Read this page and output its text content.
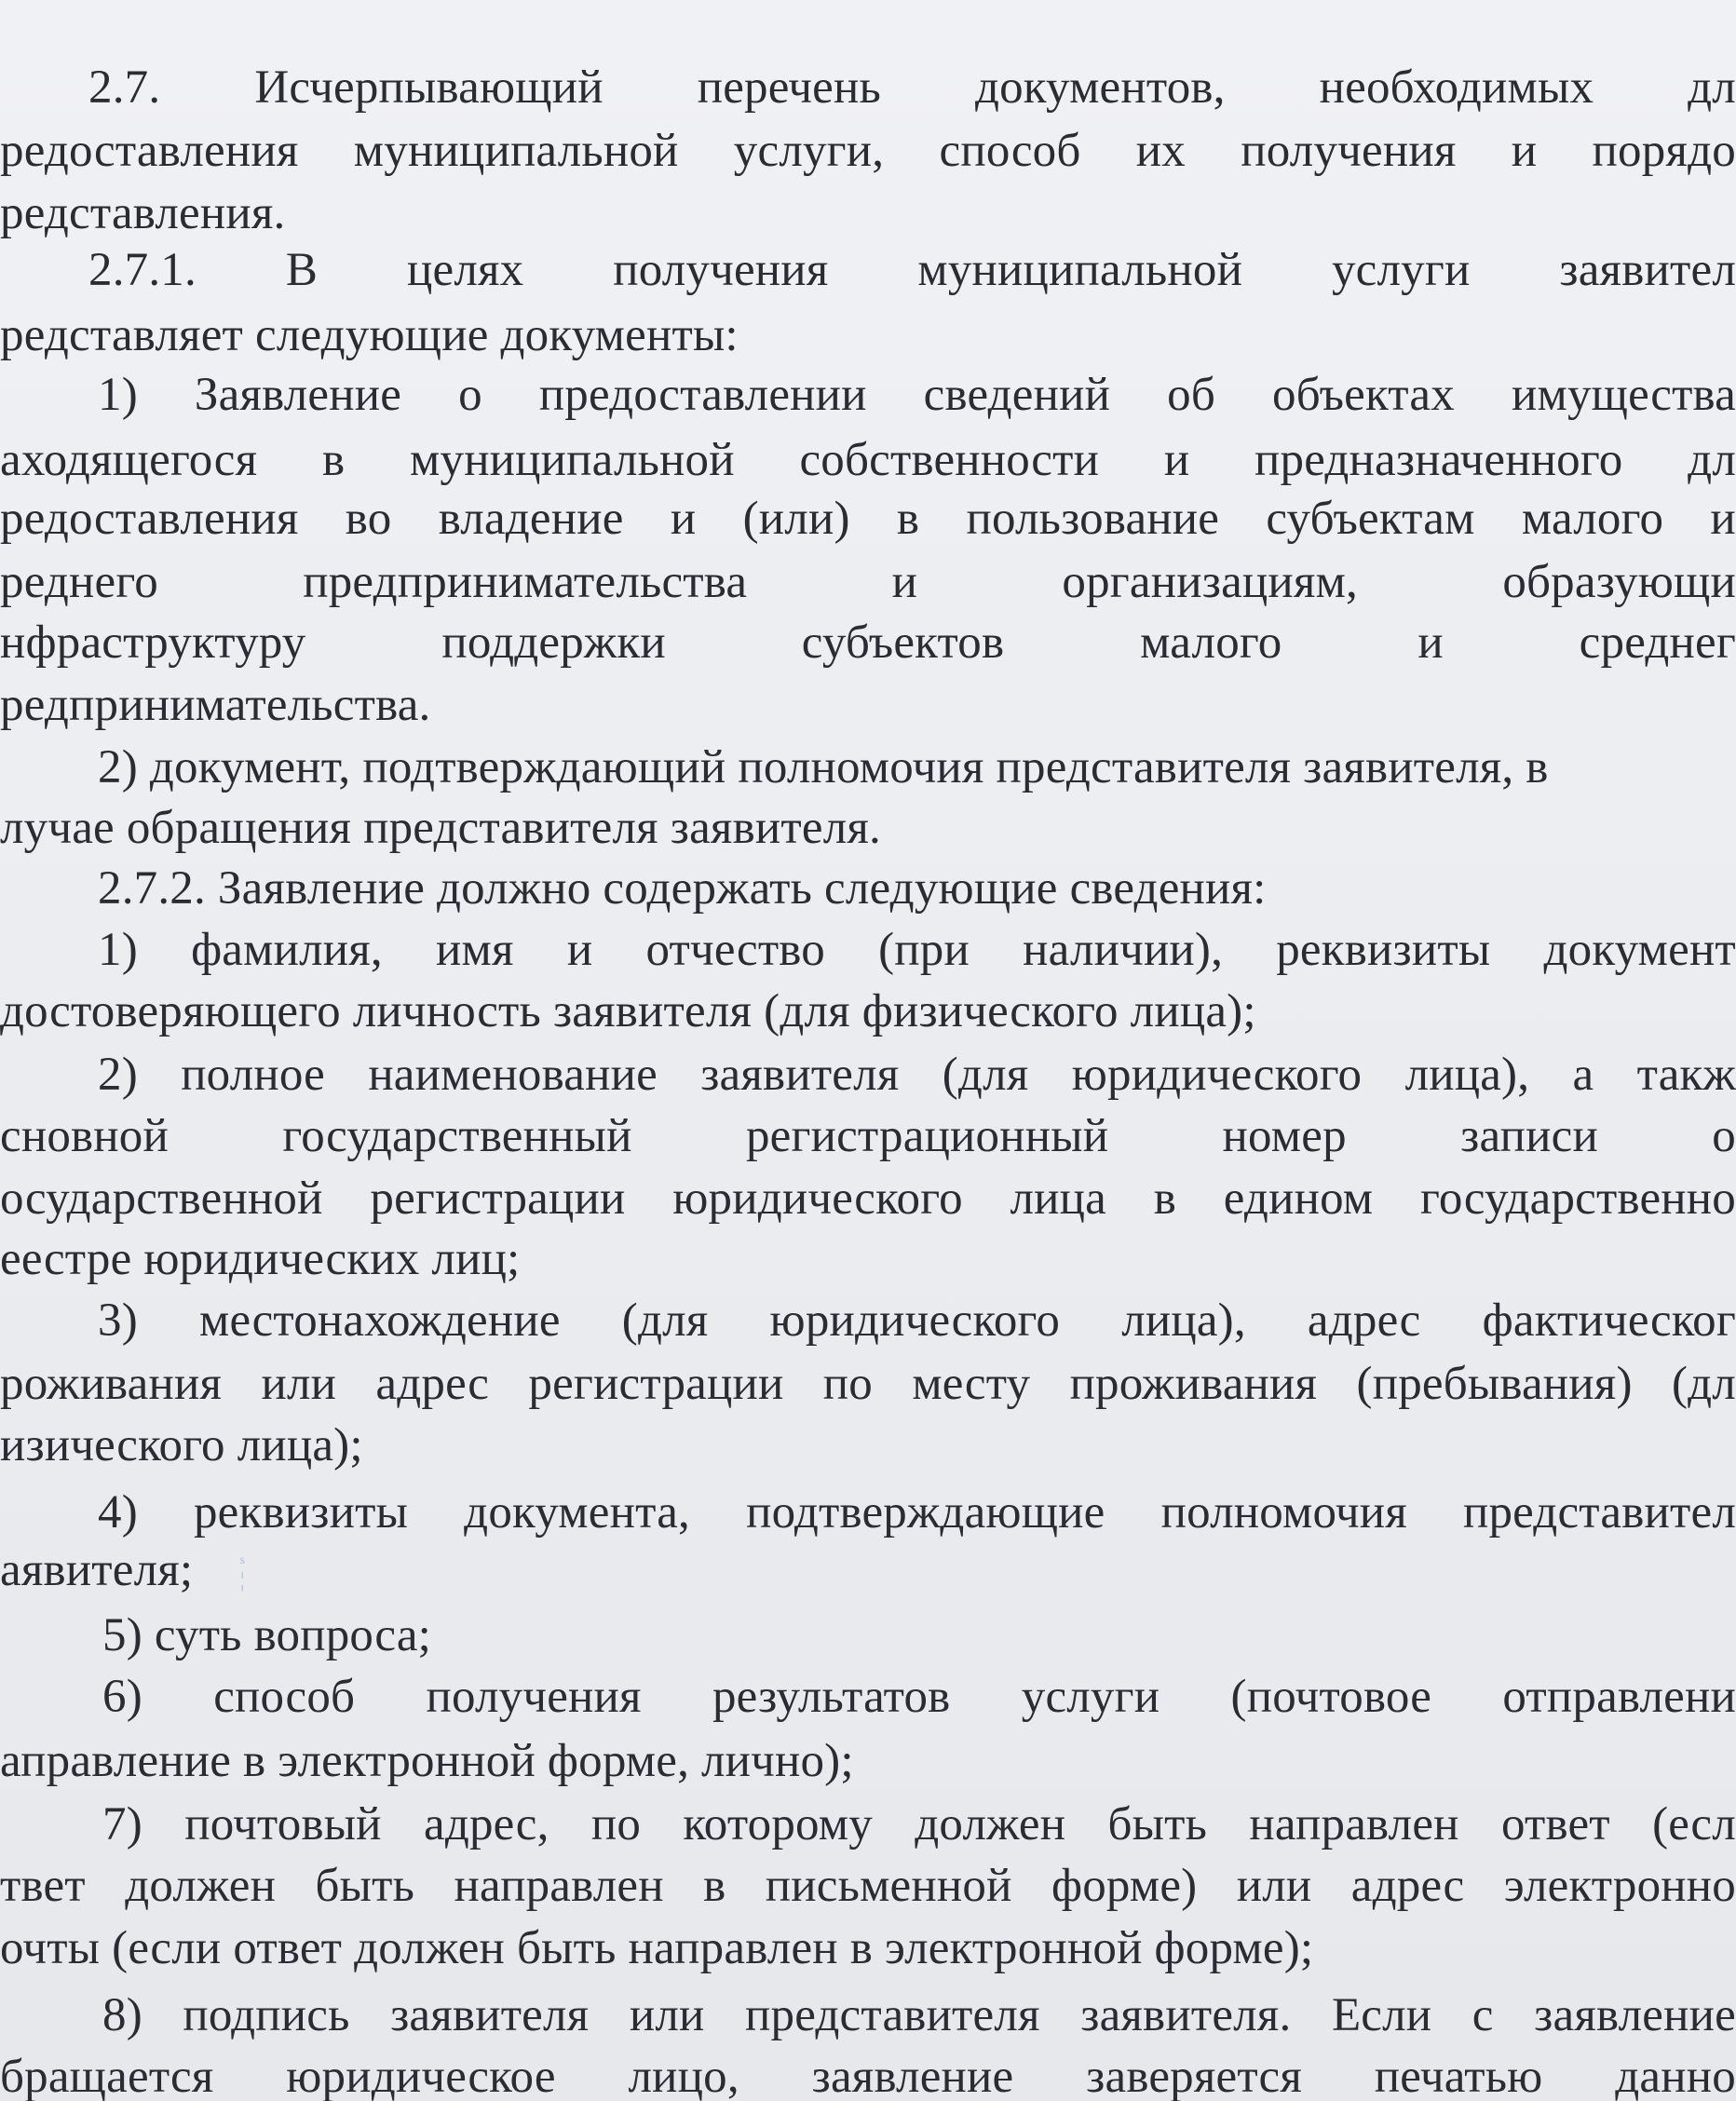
2.7. Исчерпывающий перечень документов, необходимых дл
редоставления муниципальной услуги, способ их получения и порядо
редставления.
2.7.1. В целях получения муниципальной услуги заявител
редставляет следующие документы:
1) Заявление о предоставлении сведений об объектах имущества
аходящегося в муниципальной собственности и предназначенного дл
редоставления во владение и (или) в пользование субъектам малого и
реднего	предпринимательства	и	организациям,	образующи
нфраструктуру	поддержки	субъектов	малого	и	среднег
редпринимательства.
2) документ, подтверждающий полномочия представителя заявителя, в
лучае обращения представителя заявителя.
2.7.2. Заявление должно содержать следующие сведения:
1) фамилия, имя и отчество (при наличии), реквизиты документ
достоверяющего личность заявителя (для физического лица);
2) полное наименование заявителя (для юридического лица), а такж
сновной государственный регистрационный номер записи о
осударственной регистрации юридического лица в едином государственно
еестре юридических лиц;
3) местонахождение (для юридического лица), адрес фактическог
роживания или адрес регистрации по месту проживания (пребывания) (дл
изического лица);
4) реквизиты документа, подтверждающие полномочия представител
аявителя;
5) суть вопроса;
6) способ получения результатов услуги (почтовое отправлени
аправление в электронной форме, лично);
7) почтовый адрес, по которому должен быть направлен ответ (есл
твет должен быть направлен в письменной форме) или адрес электронно
очты (если ответ должен быть направлен в электронной форме);
8) подпись заявителя или представителя заявителя. Если с заявление
бращается юридическое лицо, заявление заверяется печатью данно
ˢ
¦
